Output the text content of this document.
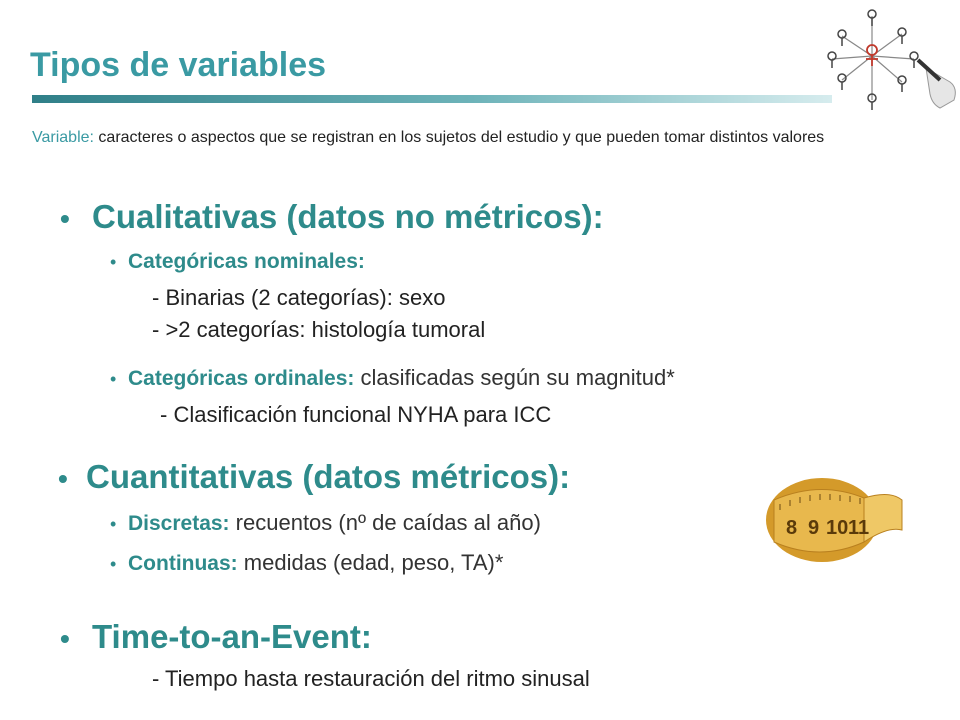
Tipos de variables
Variable: caracteres o aspectos que se registran en los sujetos del estudio y que pueden tomar distintos valores
• Cualitativas (datos no métricos):
• Categóricas nominales:
- Binarias (2 categorías): sexo
- >2 categorías: histología tumoral
• Categóricas ordinales: clasificadas según su magnitud*
- Clasificación funcional NYHA para ICC
• Cuantitativas (datos métricos):
• Discretas: recuentos (nº de caídas al año)
• Continuas: medidas (edad, peso, TA)*
8 9 10 11
• Time-to-an-Event:
- Tiempo hasta restauración del ritmo sinusal
